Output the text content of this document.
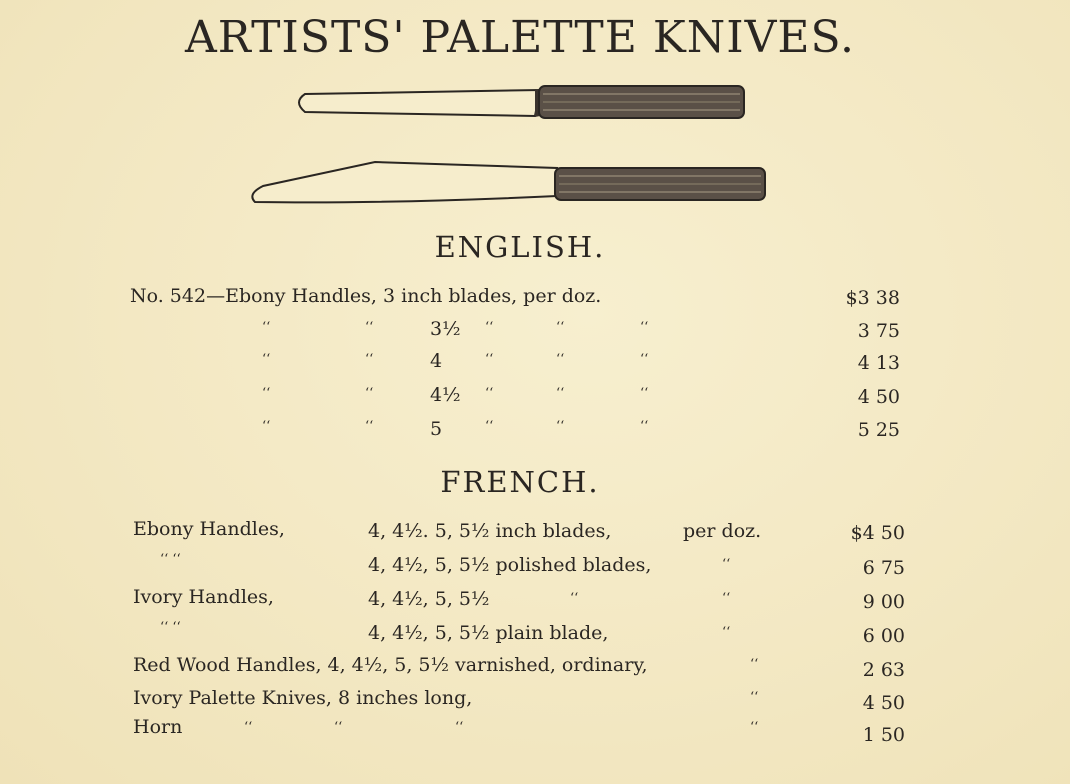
ARTISTS' PALETTE KNIVES.
ENGLISH.
No. 542—Ebony Handles, 3 inch blades, per doz.	$3 38
‘‘	‘‘	3½ ‘‘	‘‘	‘‘	3 75
‘‘	‘‘	4	‘‘	‘‘	‘‘	4 13
‘‘	‘‘	4½ ‘‘	‘‘	‘‘	4 50
‘‘	‘‘	5	‘‘	‘‘	‘‘	5 25
FRENCH.
Ebony Handles,	4, 4½. 5, 5½ inch blades,	per doz.	$4 50
‘‘ ‘‘	4, 4½, 5, 5½ polished blades,	‘‘	6 75
Ivory Handles,	4, 4½, 5, 5½	‘‘	‘‘	9 00
‘‘ ‘‘	4, 4½, 5, 5½ plain blade,	‘‘	6 00
Red Wood Handles, 4, 4½, 5, 5½ varnished, ordinary,	‘‘	2 63
Ivory Palette Knives, 8 inches long,	‘‘	4 50
Horn	‘‘	‘‘	‘‘	‘‘	1 50
